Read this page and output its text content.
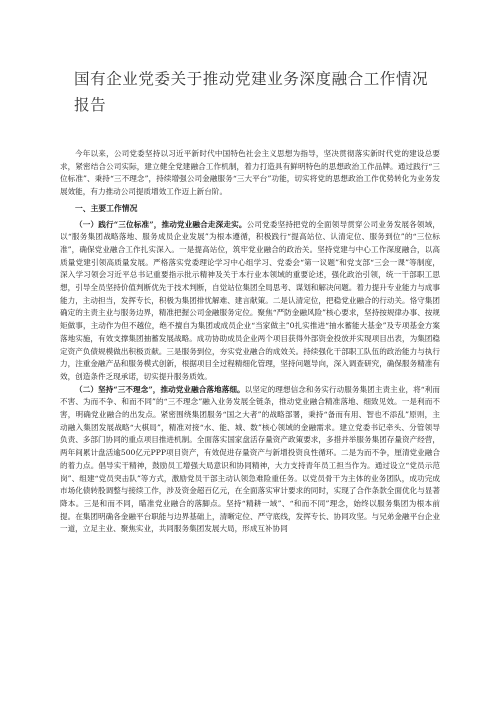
国有企业党委关于推动党建业务深度融合工作情况报告

今年以来，公司党委坚持以习近平新时代中国特色社会主义思想为指导，坚决贯彻落实新时代党的建设总要求，紧密结合公司实际，建立健全党建融合工作机制，着力打造具有鲜明特色的思想政治工作品牌。通过践行“三位标准”、秉持“三不理念”，持续增强公司金融服务“三大平台”功能，切实将党的思想政治工作优势转化为业务发展效能，有力推动公司提质增效工作迈上新台阶。

一、主要工作情况

（一）践行“三位标准”，推动党业融合走深走实。公司党委坚持把党的全面领导贯穿公司业务发展各领域，以“服务集团战略落地、服务成员企业发展”为根本遵循，积极践行“提高站位、认清定位、服务到位”的“三位标准”，确保党业融合工作扎实深入。一是提高站位，筑牢党业融合的政治关。坚持党建与中心工作深度融合，以高质量党建引领高质量发展。严格落实党委理论学习中心组学习、党委会“第一议题”和党支部“三会一课”等制度，深入学习领会习近平总书记重要指示批示精神及关于本行业本领域的重要论述，强化政治引领，统一干部职工思想，引导全员坚持价值判断优先于技术判断，自觉站位集团全局思考、谋划和解决问题。着力提升专业能力与成事能力，主动担当，发挥专长，积极为集团排忧解难、建言献策。二是认清定位，把稳党业融合的行动关。恪守集团确定的主责主业与服务边界，精准把握公司金融服务定位。聚焦“严防金融风险”核心要求，坚持按规律办事、按规矩做事，主动作为但不越位，绝不擅自为集团或成员企业“当家做主”0扎实推进“抽水蓄能大基金”及专项基金方案落地实施，有效支撑集团抽蓄发展战略。成功协助成员企业两个项目获得外部资金投放并实现项目出表，为集团稳定资产负债规模做出积极贡献。三是服务到位，夯实党业融合的成效关。持续强化干部职工队伍的政治能力与执行力，注重金融产品和服务模式创新，根据项目全过程精细化管理，坚持问题导向，深入调查研究，确保服务精准有效，创造条件乏现承诺，切实提升服务质效。

（二）坚持“三不理念”，推动党业融合落地落细。以坚定的理想信念和务实行动服务集团主责主业，将“利而不害、为而不争、和而不同”的“三不理念”融入业务发展全链条，推动党业融合精准落地、细致见效。一是利而不害，明确党业融合的出发点。紧密围绕集团服务“国之大者”的战略部署，秉持“备而有用、智也不添乱”原则，主动融入集团发展战略“大棋局”，精准对接“水、能、城、数”核心领域的金融需求。建立党委书记牵头、分管领导负责、多部门协同的重点项目推进机制。全面落实国家盘活存量资产政策要求，多措并举服务集团存量资产经营，两年间累计盘活逾500亿元PPP项目资产，有效促进存量资产与新增投资良性循环。二是为而不争，厘清党业融合的着力点。倡导实干精神，鼓励员工增强大局意识和协同精神，大力支持青年员工担当作为。通过设立“党员示范岗”、组建“党员突击队”等方式，激励党员干部主动认领急难险重任务。以党员骨干为主体的业务团队，成功完成市场化债转股调整与接续工作，涉及资金超百亿元，在全面落实审计要求的同时，实现了合作条款全面优化与显著降本。三是和而不同，瞄准党业融合的落脚点。坚持“精耕一域”、“和而不同”理念，始终以服务集团为根本前提。在集团明确各金融平台职能与边界基础上，清晰定位、严守底线，发挥专长、协同攻坚。与兄弟金融平台企业一道，立足主业、聚焦实业，共同服务集团发展大局，形成互补协同
